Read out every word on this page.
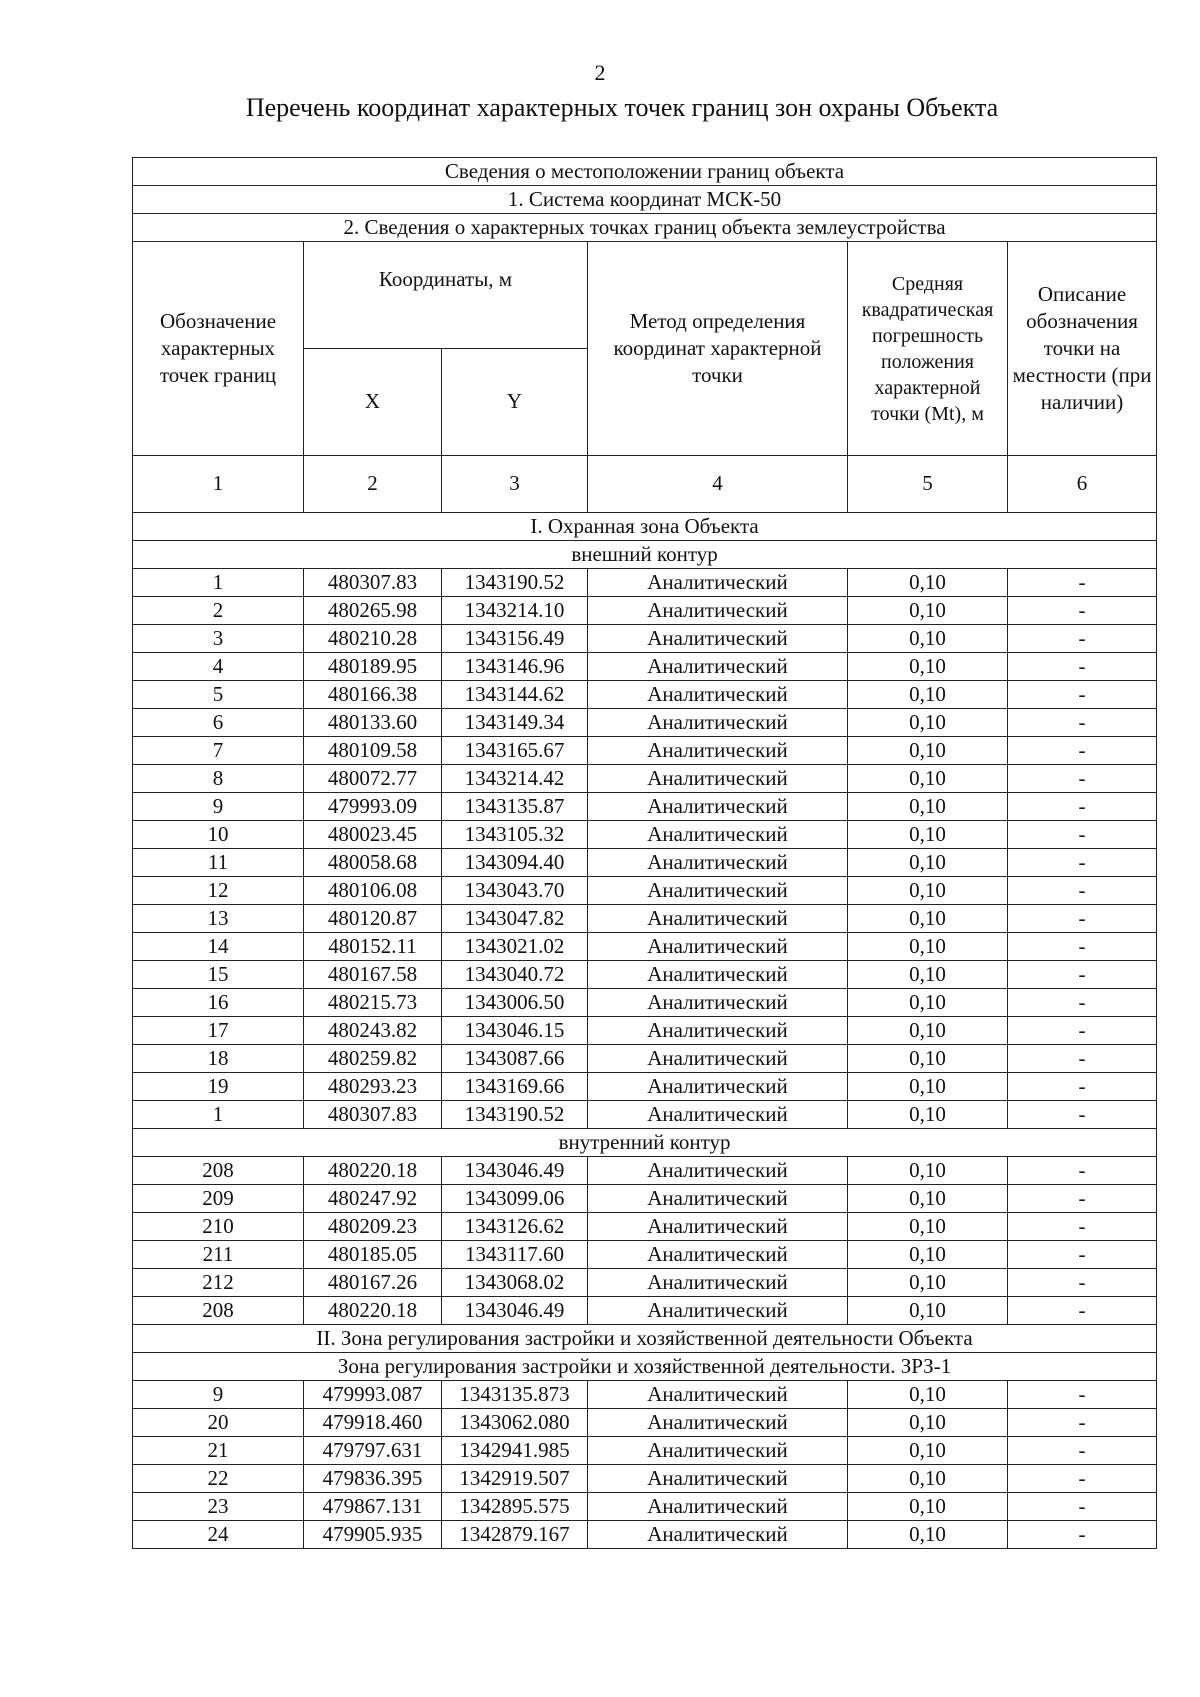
2
Перечень координат характерных точек границ зон охраны Объекта
Сведения о местоположении границ объекта					
1. Система координат МСК-50					
2. Сведения о характерных точках границ объекта землеустройства					
Обозначение характерных точек границ	Координаты, м		Метод определения координат характерной точки	Средняя квадратическая погрешность положения характерной точки (Mt), м	Описание обозначения точки на местности (при наличии)
	X	Y			
1	2	3	4	5	6
I. Охранная зона Объекта					
внешний контур					
1	480307.83	1343190.52	Аналитический	0,10	-
2	480265.98	1343214.10	Аналитический	0,10	-
3	480210.28	1343156.49	Аналитический	0,10	-
4	480189.95	1343146.96	Аналитический	0,10	-
5	480166.38	1343144.62	Аналитический	0,10	-
6	480133.60	1343149.34	Аналитический	0,10	-
7	480109.58	1343165.67	Аналитический	0,10	-
8	480072.77	1343214.42	Аналитический	0,10	-
9	479993.09	1343135.87	Аналитический	0,10	-
10	480023.45	1343105.32	Аналитический	0,10	-
11	480058.68	1343094.40	Аналитический	0,10	-
12	480106.08	1343043.70	Аналитический	0,10	-
13	480120.87	1343047.82	Аналитический	0,10	-
14	480152.11	1343021.02	Аналитический	0,10	-
15	480167.58	1343040.72	Аналитический	0,10	-
16	480215.73	1343006.50	Аналитический	0,10	-
17	480243.82	1343046.15	Аналитический	0,10	-
18	480259.82	1343087.66	Аналитический	0,10	-
19	480293.23	1343169.66	Аналитический	0,10	-
1	480307.83	1343190.52	Аналитический	0,10	-
внутренний контур					
208	480220.18	1343046.49	Аналитический	0,10	-
209	480247.92	1343099.06	Аналитический	0,10	-
210	480209.23	1343126.62	Аналитический	0,10	-
211	480185.05	1343117.60	Аналитический	0,10	-
212	480167.26	1343068.02	Аналитический	0,10	-
208	480220.18	1343046.49	Аналитический	0,10	-
II. Зона регулирования застройки и хозяйственной деятельности Объекта					
Зона регулирования застройки и хозяйственной деятельности. ЗРЗ-1					
9	479993.087	1343135.873	Аналитический	0,10	-
20	479918.460	1343062.080	Аналитический	0,10	-
21	479797.631	1342941.985	Аналитический	0,10	-
22	479836.395	1342919.507	Аналитический	0,10	-
23	479867.131	1342895.575	Аналитический	0,10	-
24	479905.935	1342879.167	Аналитический	0,10	-
